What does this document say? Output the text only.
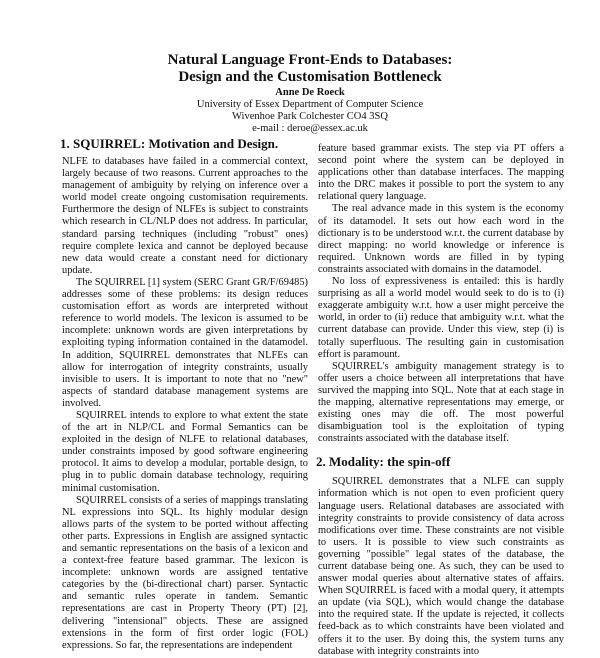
Natural Language Front-Ends to Databases:
Design and the Customisation Bottleneck
Anne De Roeck
University of Essex Department of Computer Science
Wivenhoe Park Colchester CO4 3SQ
e-mail : deroe@essex.ac.uk
1. SQUIRREL: Motivation and Design.

NLFE to databases have failed in a commercial context, largely because of two reasons. Current approaches to the management of ambiguity by relying on inference over a world model create ongoing customisation requirements. Furthermore the design of NLFEs is subject to constraints which research in CL/NLP does not address. In particular, standard parsing techniques (including "robust" ones) require complete lexica and cannot be deployed because new data would create a constant need for dictionary update.

The SQUIRREL [1] system (SERC Grant GR/F/69485) addresses some of these problems: its design reduces customisation effort as words are interpreted without reference to world models. The lexicon is assumed to be incomplete: unknown words are given interpretations by exploiting typing information contained in the datamodel. In addition, SQUIRREL demonstrates that NLFEs can allow for interrogation of integrity constraints, usually invisible to users. It is important to note that no "new" aspects of standard database management systems are involved.

SQUIRREL intends to explore to what extent the state of the art in NLP/CL and Formal Semantics can be exploited in the design of NLFE to relational databases, under constraints imposed by good software engineering protocol. It aims to develop a modular, portable design, to plug in to public domain database technology, requiring minimal customisation.

SQUIRREL consists of a series of mappings translating NL expressions into SQL. Its highly modular design allows parts of the system to be ported without affecting other parts. Expressions in English are assigned syntactic and semantic representations on the basis of a lexicon and a context-free feature based grammar. The lexicon is incomplete: unknown words are assigned tentative categories by the (bi-directional chart) parser. Syntactic and semantic rules operate in tandem. Semantic representations are cast in Property Theory (PT) [2], delivering "intensional" objects. These are assigned extensions in the form of first order logic (FOL) expressions. So far, the representations are independent

feature based grammar exists. The step via PT offers a second point where the system can be deployed in applications other than database interfaces. The mapping into the DRC makes it possible to port the system to any relational query language.

The real advance made in this system is the economy of its datamodel. It sets out how each word in the dictionary is to be understood w.r.t. the current database by direct mapping: no world knowledge or inference is required. Unknown words are filled in by typing constraints associated with domains in the datamodel.

No loss of expressiveness is entailed: this is hardly surprising as all a world model would seek to do is to (i) exaggerate ambiguity w.r.t. how a user might perceive the world, in order to (ii) reduce that ambiguity w.r.t. what the current database can provide. Under this view, step (i) is totally superfluous. The resulting gain in customisation effort is paramount.

SQUIRREL's ambiguity management strategy is to offer users a choice between all interpretations that have survived the mapping into SQL. Note that at each stage in the mapping, alternative representations may emerge, or existing ones may die off. The most powerful disambiguation tool is the exploitation of typing constraints associated with the database itself.

2. Modality: the spin-off

SQUIRREL demonstrates that a NLFE can supply information which is not open to even proficient query language users. Relational databases are associated with integrity constraints to provide consistency of data across modifications over time. These constraints are not visible to users. It is possible to view such constraints as governing "possible" legal states of the database, the current database being one. As such, they can be used to answer modal queries about alternative states of affairs. When SQUIRREL is faced with a modal query, it attempts an update (via SQL), which would change the database into the required state. If the update is rejected, it collects feed-back as to which constraints have been violated and offers it to the user. By doing this, the system turns any database with integrity constraints into
